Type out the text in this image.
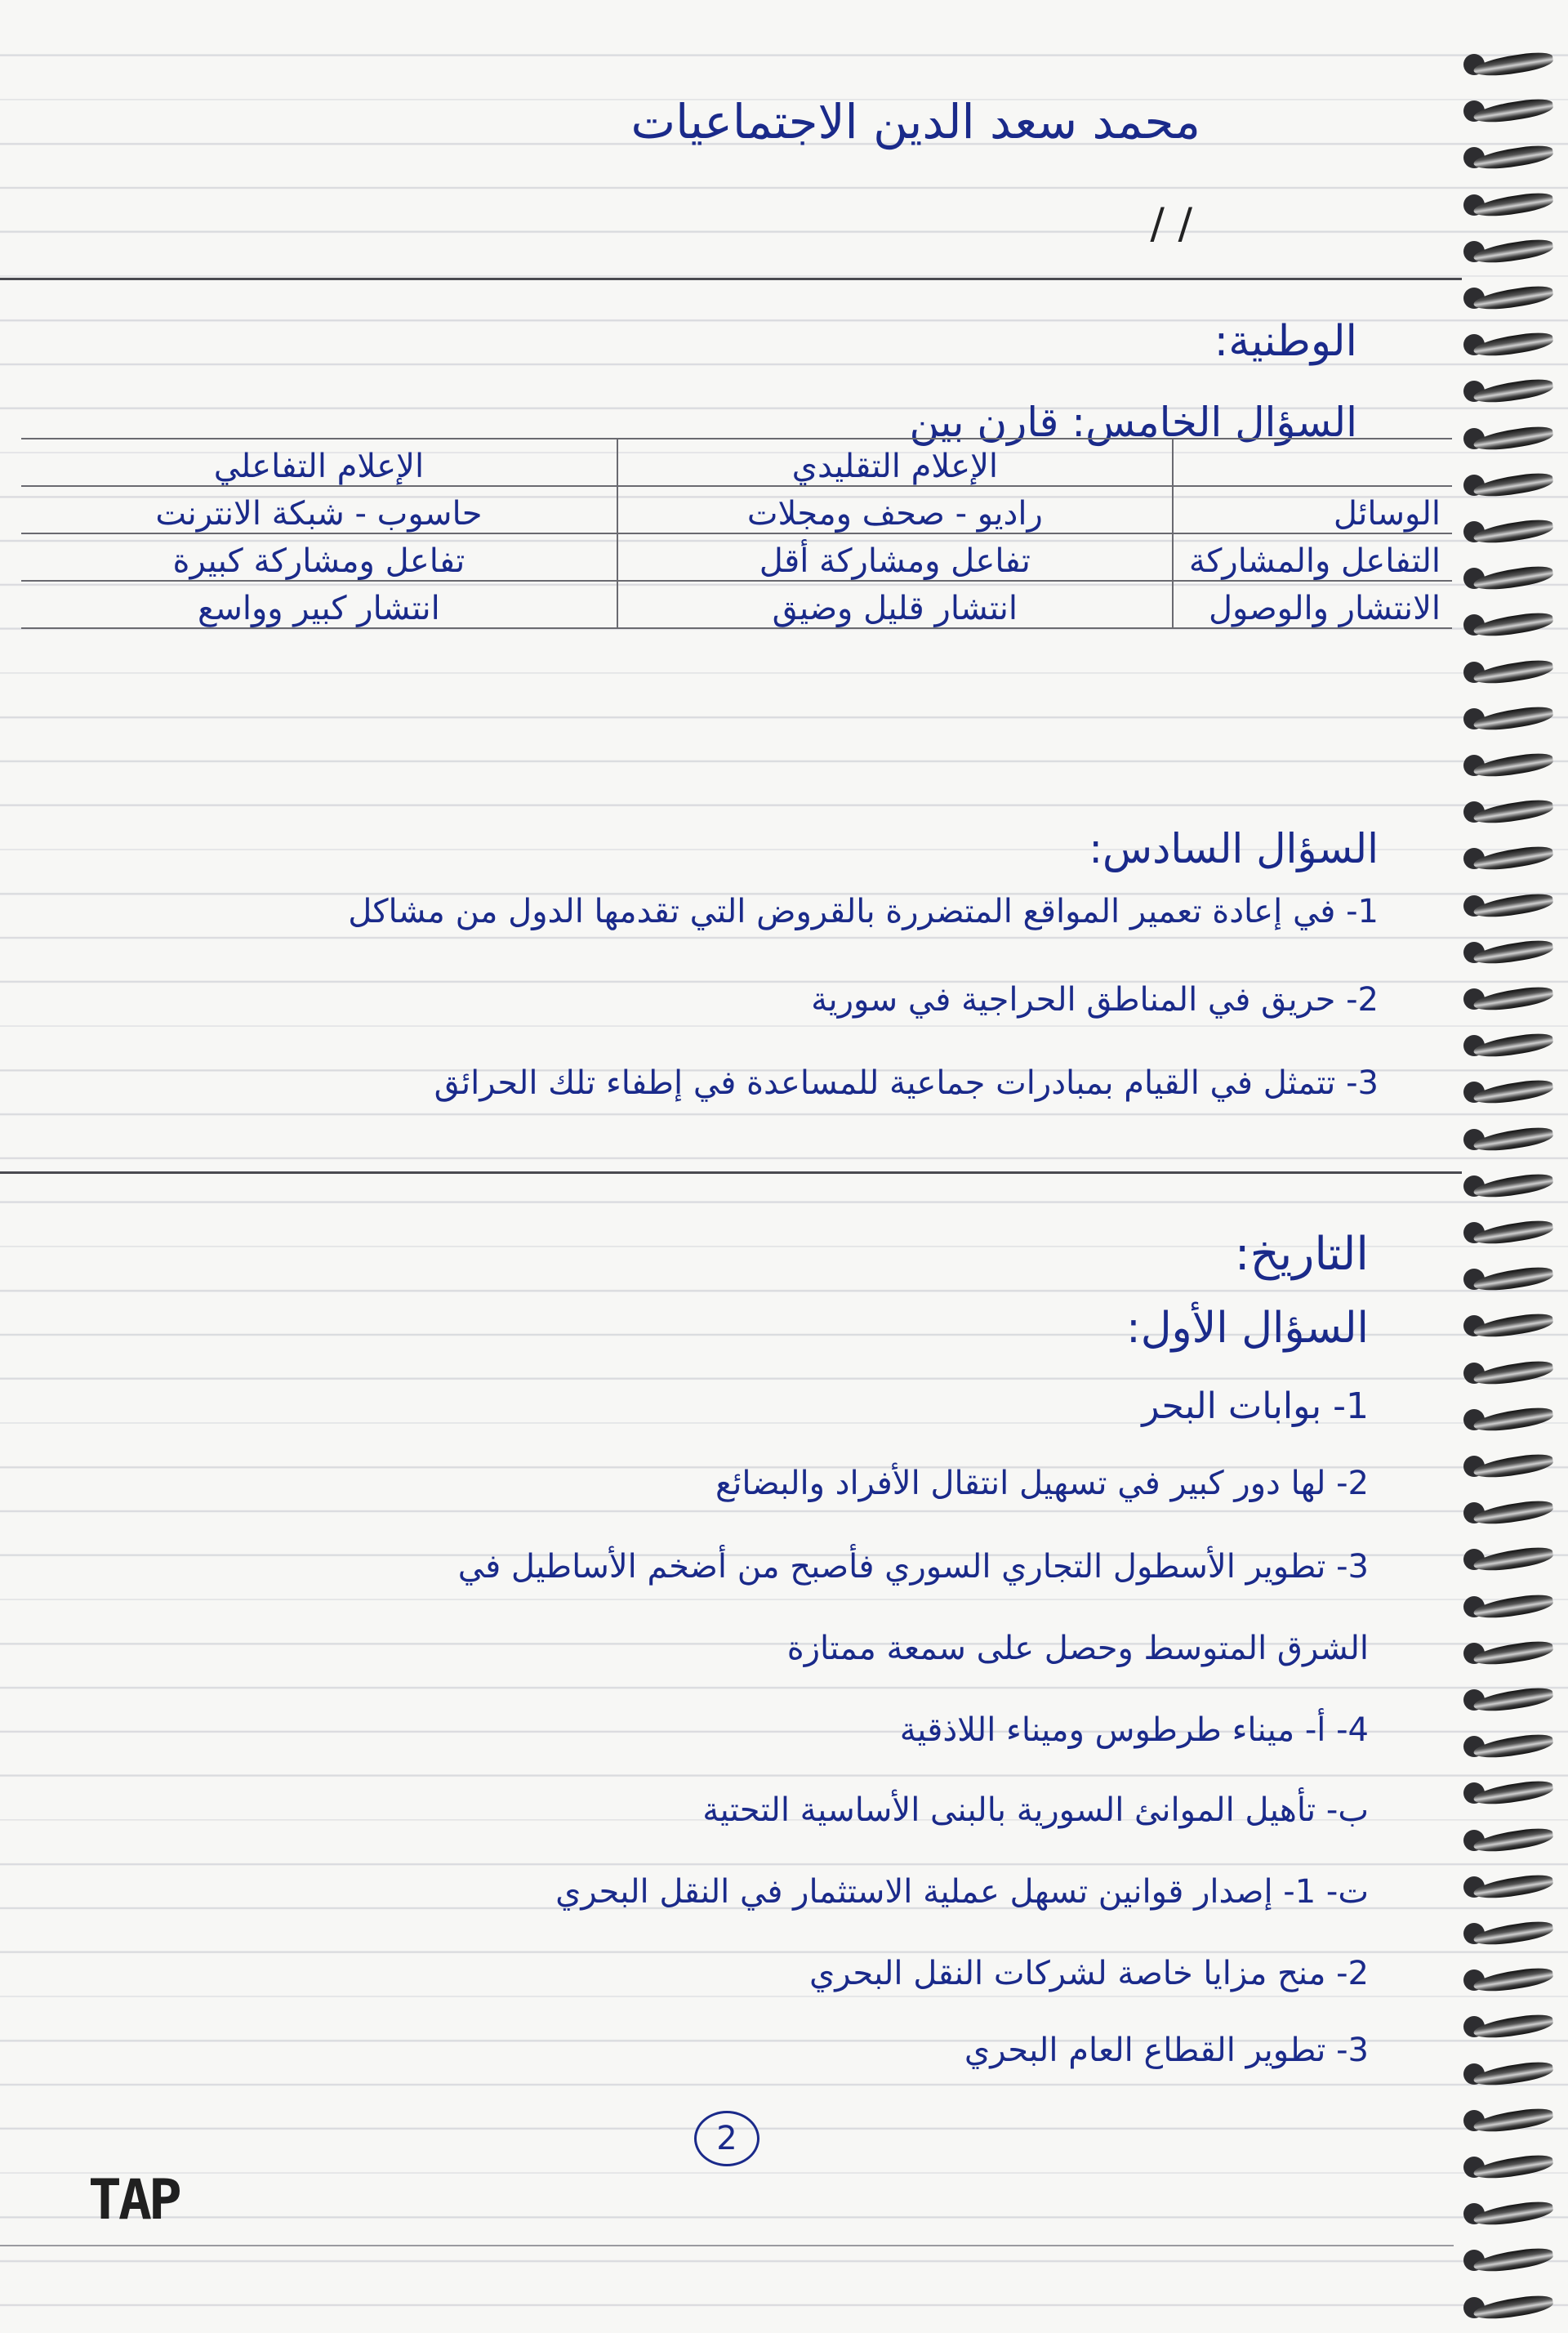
محمد سعد الدين الاجتماعيات
/ /
الوطنية:
السؤال الخامس: قارن بين
	الإعلام التقليدي	الإعلام التفاعلي
الوسائل	راديو - صحف ومجلات	حاسوب - شبكة الانترنت
التفاعل والمشاركة	تفاعل ومشاركة أقل	تفاعل ومشاركة كبيرة
الانتشار والوصول	انتشار قليل وضيق	انتشار كبير وواسع
السؤال السادس:
1- في إعادة تعمير المواقع المتضررة بالقروض التي تقدمها الدول من مشاكل
2- حريق في المناطق الحراجية في سورية
3- تتمثل في القيام بمبادرات جماعية للمساعدة في إطفاء تلك الحرائق
التاريخ:
السؤال الأول:
1- بوابات البحر
2- لها دور كبير في تسهيل انتقال الأفراد والبضائع
3- تطوير الأسطول التجاري السوري فأصبح من أضخم الأساطيل في
الشرق المتوسط وحصل على سمعة ممتازة
4- أ- ميناء طرطوس وميناء اللاذقية
ب- تأهيل الموانئ السورية بالبنى الأساسية التحتية
ت- 1- إصدار قوانين تسهل عملية الاستثمار في النقل البحري
2- منح مزايا خاصة لشركات النقل البحري
3- تطوير القطاع العام البحري
2
TAP
